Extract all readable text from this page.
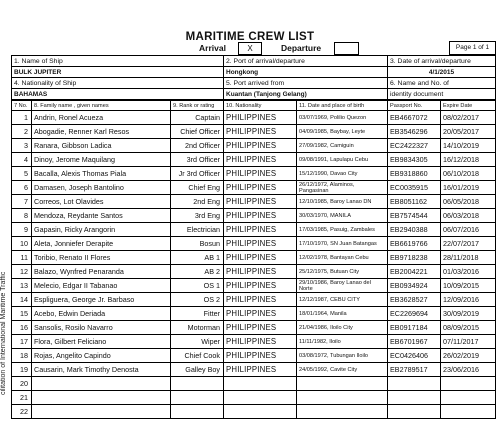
MARITIME CREW LIST
cilitation of International Maritime Traffic
Arrival	X	Departure	Page 1 of 1
1. Name of Ship	2. Port of arrival/departure	3. Date of arrival/departure
BULK JUPITER	Hongkong	4/1/2015
4. Nationality of Ship	5. Port arrived from	6. Name and No. of
BAHAMAS	Kuantan (Tanjong Gelang)	identity document
7 No.	8. Family name , given names	9. Rank or rating	10. Nationality	11. Date and place of birth	Passport No.	Expire Date
1	Andrin, Ronel Acueza	Captain	PHILIPPINES	03/07/1969, Polilio Quezon	EB4667072	08/02/2017
2	Abogadie, Renner Karl Resos	Chief Officer	PHILIPPINES	04/09/1985, Baybay, Leyte	EB3546296	20/05/2017
3	Ranara, Gibbson Ladica	2nd Officer	PHILIPPINES	27/09/1982, Camiguin	EC2422327	14/10/2019
4	Dinoy, Jerome Maquilang	3rd Officer	PHILIPPINES	09/08/1991, Lapulapu Cebu	EB9834305	16/12/2018
5	Bacalla, Alexis Thomas Piala	Jr 3rd Officer	PHILIPPINES	15/12/1990, Davao City	EB9318860	06/10/2018
6	Damasen, Joseph Bantolino	Chief Eng	PHILIPPINES	26/12/1972, Alaminos, Pangasinan	EC0035915	16/01/2019
7	Correos, Lot Olavides	2nd Eng	PHILIPPINES	12/10/1985, Baroy Lanao DN	EB8051162	06/05/2018
8	Mendoza, Reydante Santos	3rd Eng	PHILIPPINES	30/03/1970, MANILA	EB7574544	06/03/2018
9	Gapasin, Ricky Arangorin	Electrician	PHILIPPINES	17/03/1985, Pasuig, Zambales	EB2940388	06/07/2016
10	Aleta, Jonniefer Derapite	Bosun	PHILIPPINES	17/10/1970, SN Juan Batangas	EB6619766	22/07/2017
11	Toribio, Renato II Flores	AB 1	PHILIPPINES	12/02/1978, Bantayan Cebu	EB9718238	28/11/2018
12	Balazo, Wynfred Penaranda	AB 2	PHILIPPINES	25/12/1975, Butuan City	EB2004221	01/03/2016
13	Melecio, Edgar II Tabanao	OS 1	PHILIPPINES	29/10/1986, Baroy Lanao del Norte	EB0934924	10/09/2015
14	Espliguera, George Jr. Barbaso	OS 2	PHILIPPINES	12/12/1987, CEBU CITY	EB3628527	12/09/2016
15	Acebo, Edwin Deriada	Fitter	PHILIPPINES	18/01/1964, Manila	EC2269694	30/09/2019
16	Sansolis, Rosilo Navarro	Motorman	PHILIPPINES	21/04/1986, Iloilo City	EB0917184	08/09/2015
17	Flora, Gilbert Feliciano	Wiper	PHILIPPINES	11/11/1982, Iloilo	EB6701967	07/11/2017
18	Rojas, Angelito Capindo	Chief Cook	PHILIPPINES	03/08/1972, Tubungan Iloilo	EC0426406	26/02/2019
19	Causarin, Mark Timothy Denosta	Galley Boy	PHILIPPINES	24/05/1992, Cavite City	EB2789517	23/06/2016
20						
21						
22						
